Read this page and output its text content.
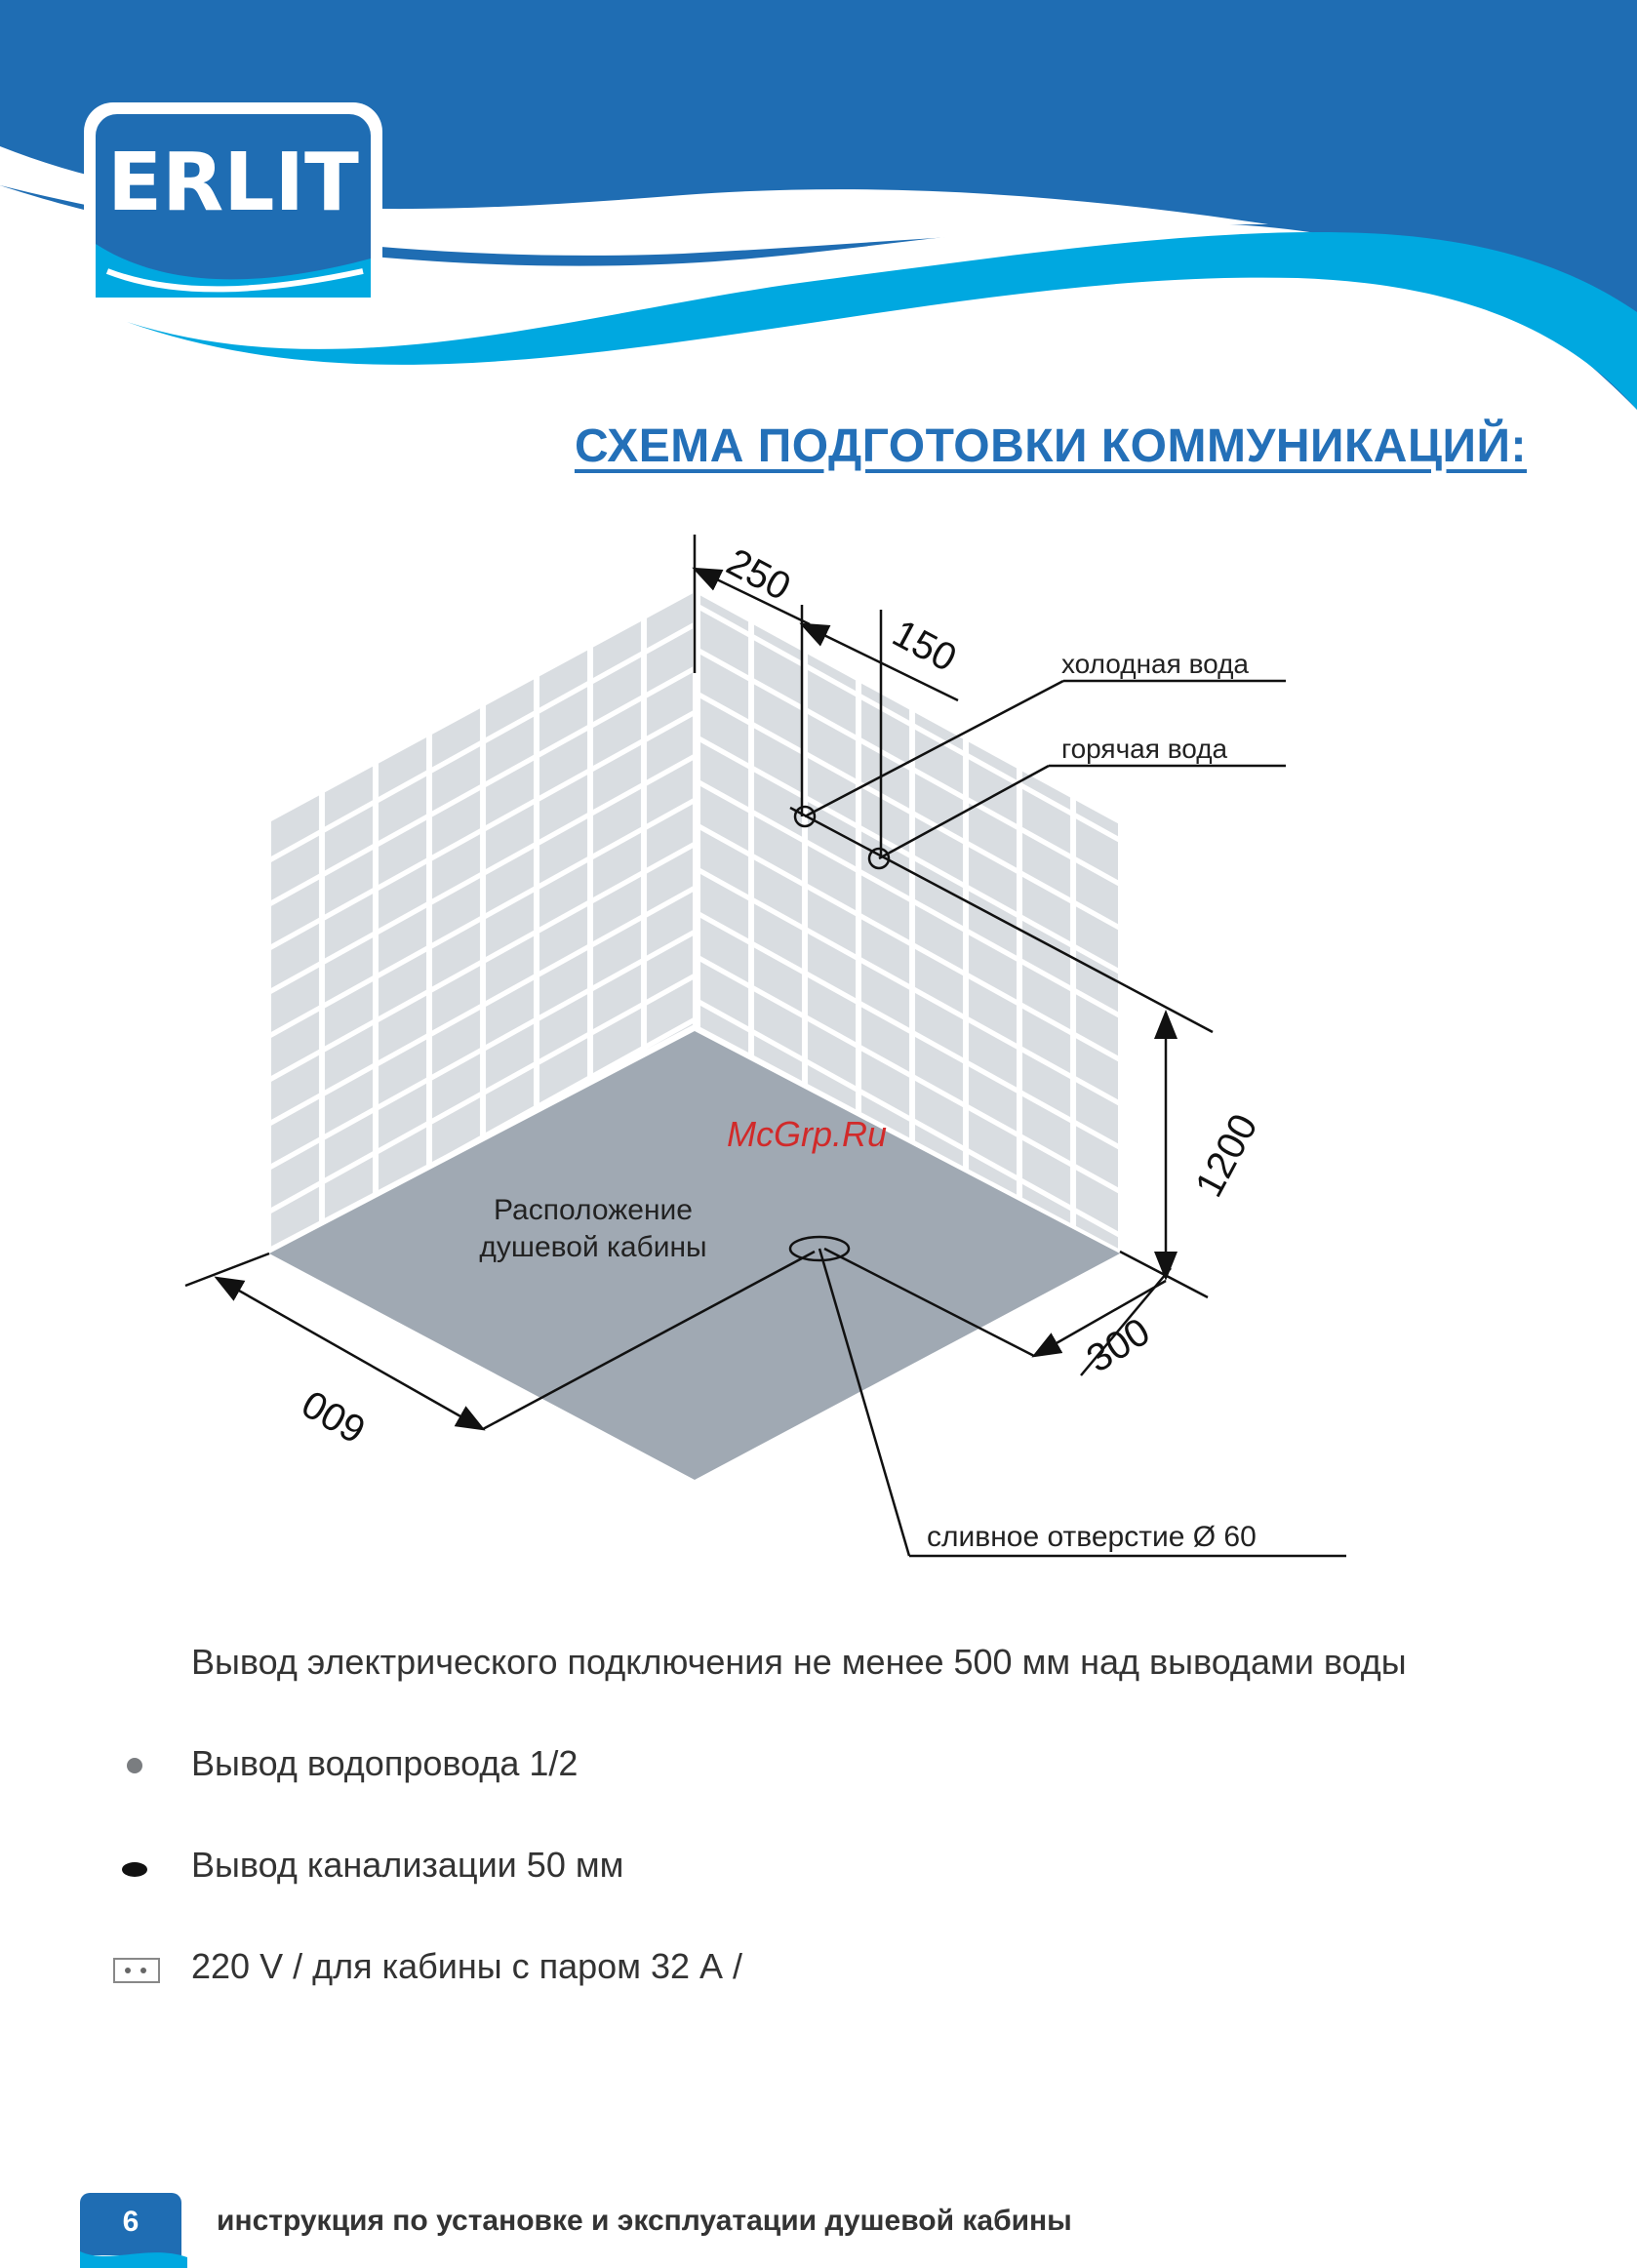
ERLIT
СХЕМА ПОДГОТОВКИ КОММУНИКАЦИЙ:
250
150
1200
300
600
холодная вода
горячая вода
сливное отверстие Ø 60
Расположение
душевой кабины
McGrp.Ru
Вывод электрического подключения не менее 500 мм над выводами воды
Вывод водопровода 1/2
Вывод канализации 50 мм
220 V / для кабины с паром 32 А /
6	инструкция по установке и эксплуатации душевой кабины
